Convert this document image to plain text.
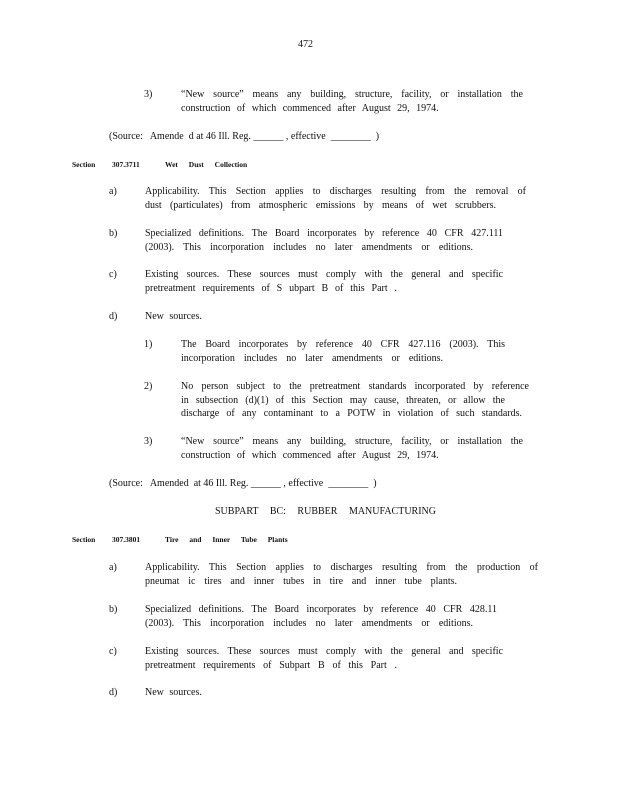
472
3)	“New source” means any building, structure, facility, or installation the
construction of which commenced after August 29, 1974.
(Source:   Amende  d at 46 Ill. Reg. ______ , effective  ________  )
Section 307.3711	Wet Dust Collection
a)	Applicability. This Section applies to discharges resulting from the removal of
dust (particulates) from atmospheric emissions by means of wet scrubbers.
b)	Specialized definitions. The Board incorporates by reference 40 CFR 427.111
(2003). This incorporation includes no later amendments or editions.
c)	Existing sources. These sources must comply with the general and specific
pretreatment requirements of S ubpart B of this Part .
d)	New sources.
1)	The Board incorporates by reference 40 CFR 427.116 (2003). This
incorporation includes no later amendments or editions.
2)	No person subject to the pretreatment standards incorporated by reference
in subsection (d)(1) of this Section may cause, threaten, or allow the
discharge of any contaminant to a POTW in violation of such standards.
3)	“New source” means any building, structure, facility, or installation the
construction of which commenced after August 29, 1974.
(Source:   Amended  at 46 Ill. Reg. ______ , effective  ________  )
SUBPART BC: RUBBER MANUFACTURING
Section 307.3801	Tire and Inner Tube Plants
a)	Applicability. This Section applies to discharges resulting from the production of
pneumat ic tires and inner tubes in tire and inner tube plants.
b)	Specialized definitions. The Board incorporates by reference 40 CFR 428.11
(2003). This incorporation includes no later amendments or editions.
c)	Existing sources. These sources must comply with the general and specific
pretreatment requirements of Subpart B of this Part .
d)	New sources.
